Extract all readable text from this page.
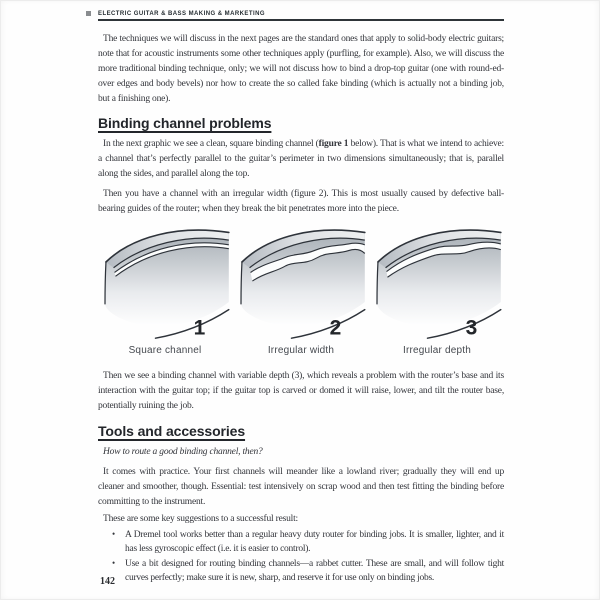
ELECTRIC GUITAR & BASS MAKING & MARKETING

The techniques we will discuss in the next pages are the standard ones that apply to solid-body electric guitars; note that for acoustic instruments some other techniques apply (purfling, for example). Also, we will discuss the more traditional binding technique, only; we will not discuss how to bind a drop-top guitar (one with round-ed-over edges and body bevels) nor how to create the so called fake binding (which is actually not a binding job, but a finishing one).

Binding channel problems

In the next graphic we see a clean, square binding channel (figure 1 below). That is what we intend to achieve: a channel that’s perfectly parallel to the guitar’s perimeter in two dimensions simultaneously; that is, parallel along the sides, and parallel along the top.

Then you have a channel with an irregular width (figure 2). This is most usually caused by defective ball-bearing guides of the router; when they break the bit penetrates more into the piece.

1
Square channel
2
Irregular width
3
Irregular depth

Then we see a binding channel with variable depth (3), which reveals a problem with the router’s base and its interaction with the guitar top; if the guitar top is carved or domed it will raise, lower, and tilt the router base, potentially ruining the job.

Tools and accessories

How to route a good binding channel, then?

It comes with practice. Your first channels will meander like a lowland river; gradually they will end up cleaner and smoother, though. Essential: test intensively on scrap wood and then test fitting the binding before committing to the instrument.

These are some key suggestions to a successful result:

• A Dremel tool works better than a regular heavy duty router for binding jobs. It is smaller, lighter, and it has less gyroscopic effect (i.e. it is easier to control).
• Use a bit designed for routing binding channels—a rabbet cutter. These are small, and will follow tight curves perfectly; make sure it is new, sharp, and reserve it for use only on binding jobs.
142
